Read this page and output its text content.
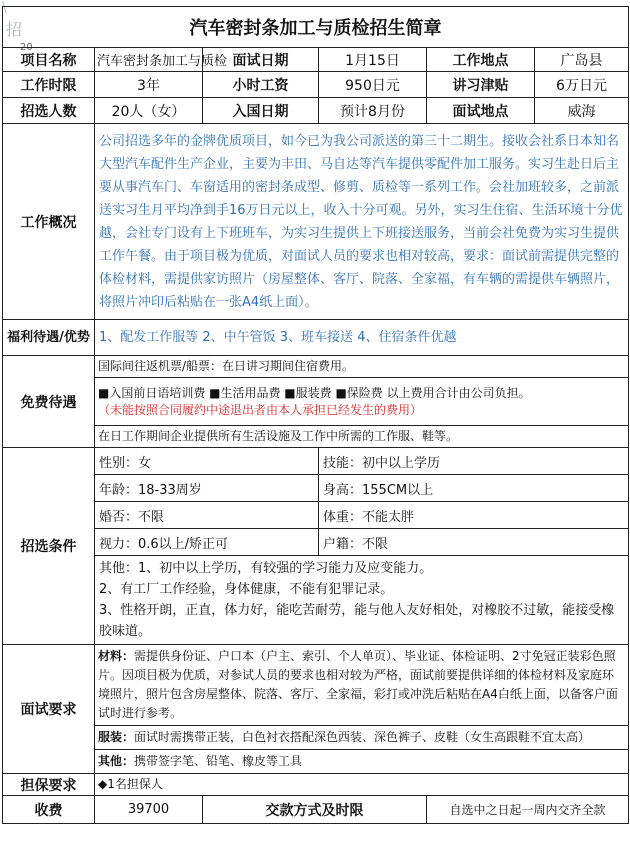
\
招
20
汽车密封条加工与质检招生简章					
项目名称	汽车密封条加工与质检	面试日期	1月15日	工作地点	广岛县
工作时限	3年	小时工资	950日元	讲习津贴	6万日元
招选人数	20人（女）	入国日期	预计8月份	面试地点	威海
工作概况	公司招选多年的金牌优质项目，如今已为我公司派送的第三十二期生。接收会社系日本知名大型汽车配件生产企业，主要为丰田、马自达等汽车提供零配件加工服务。实习生赴日后主要从事汽车门、车窗适用的密封条成型、修剪、质检等一系列工作。会社加班较多，之前派送实习生月平均净到手16万日元以上，收入十分可观。另外，实习生住宿、生活环境十分优越，会社专门设有上下班班车，为实习生提供上下班接送服务，当前会社免费为实习生提供工作午餐。由于项目极为优质，对面试人员的要求也相对较高，要求：面试前需提供完整的体检材料，需提供家访照片（房屋整体、客厅、院落、全家福，有车辆的需提供车辆照片，将照片冲印后粘贴在一张A4纸上面）。				
福利待遇/优势	1、配发工作服等 2、中午管饭 3、班车接送 4、住宿条件优越				
免费待遇	国际间往返机票/船票：在日讲习期间住宿费用。				

	■入国前日语培训费 ■生活用品费 ■服装费 ■保险费 以上费用合计由公司负担。
（未能按照合同履约中途退出者由本人承担已经发生的费用）				

	在日工作期间企业提供所有生活设施及工作中所需的工作服、鞋等。				
招选条件	性别：女		技能：初中以上学历		
	年龄：18-33周岁		身高：155CM以上		
	婚否：不限		体重：不能太胖		
	视力：0.6以上/矫正可		户籍：不限		
	其他：1、初中以上学历，有较强的学习能力及应变能力。
2、有工厂工作经验，身体健康，不能有犯罪记录。
3、性格开朗，正直，体力好，能吃苦耐劳，能与他人友好相处，对橡胶不过敏，能接受橡胶味道。				
面试要求	材料：需提供身份证、户口本（户主、索引、个人单页）、毕业证、体检证明、2寸免冠正装彩色照片。因项目极为优质，对参试人员的要求也相对较为严格，面试前要提供详细的体检材料及家庭环境照片，照片包含房屋整体、院落、客厅、全家福，彩打或冲洗后粘贴在A4白纸上面，以备客户面试时进行参考。				
	服装：面试时需携带正装，白色衬衣搭配深色西装、深色裤子、皮鞋（女生高跟鞋不宜太高）				
	其他：携带签字笔、铅笔、橡皮等工具				
担保要求	◆1名担保人				
收费	39700	交款方式及时限		自选中之日起一周内交齐全款	
